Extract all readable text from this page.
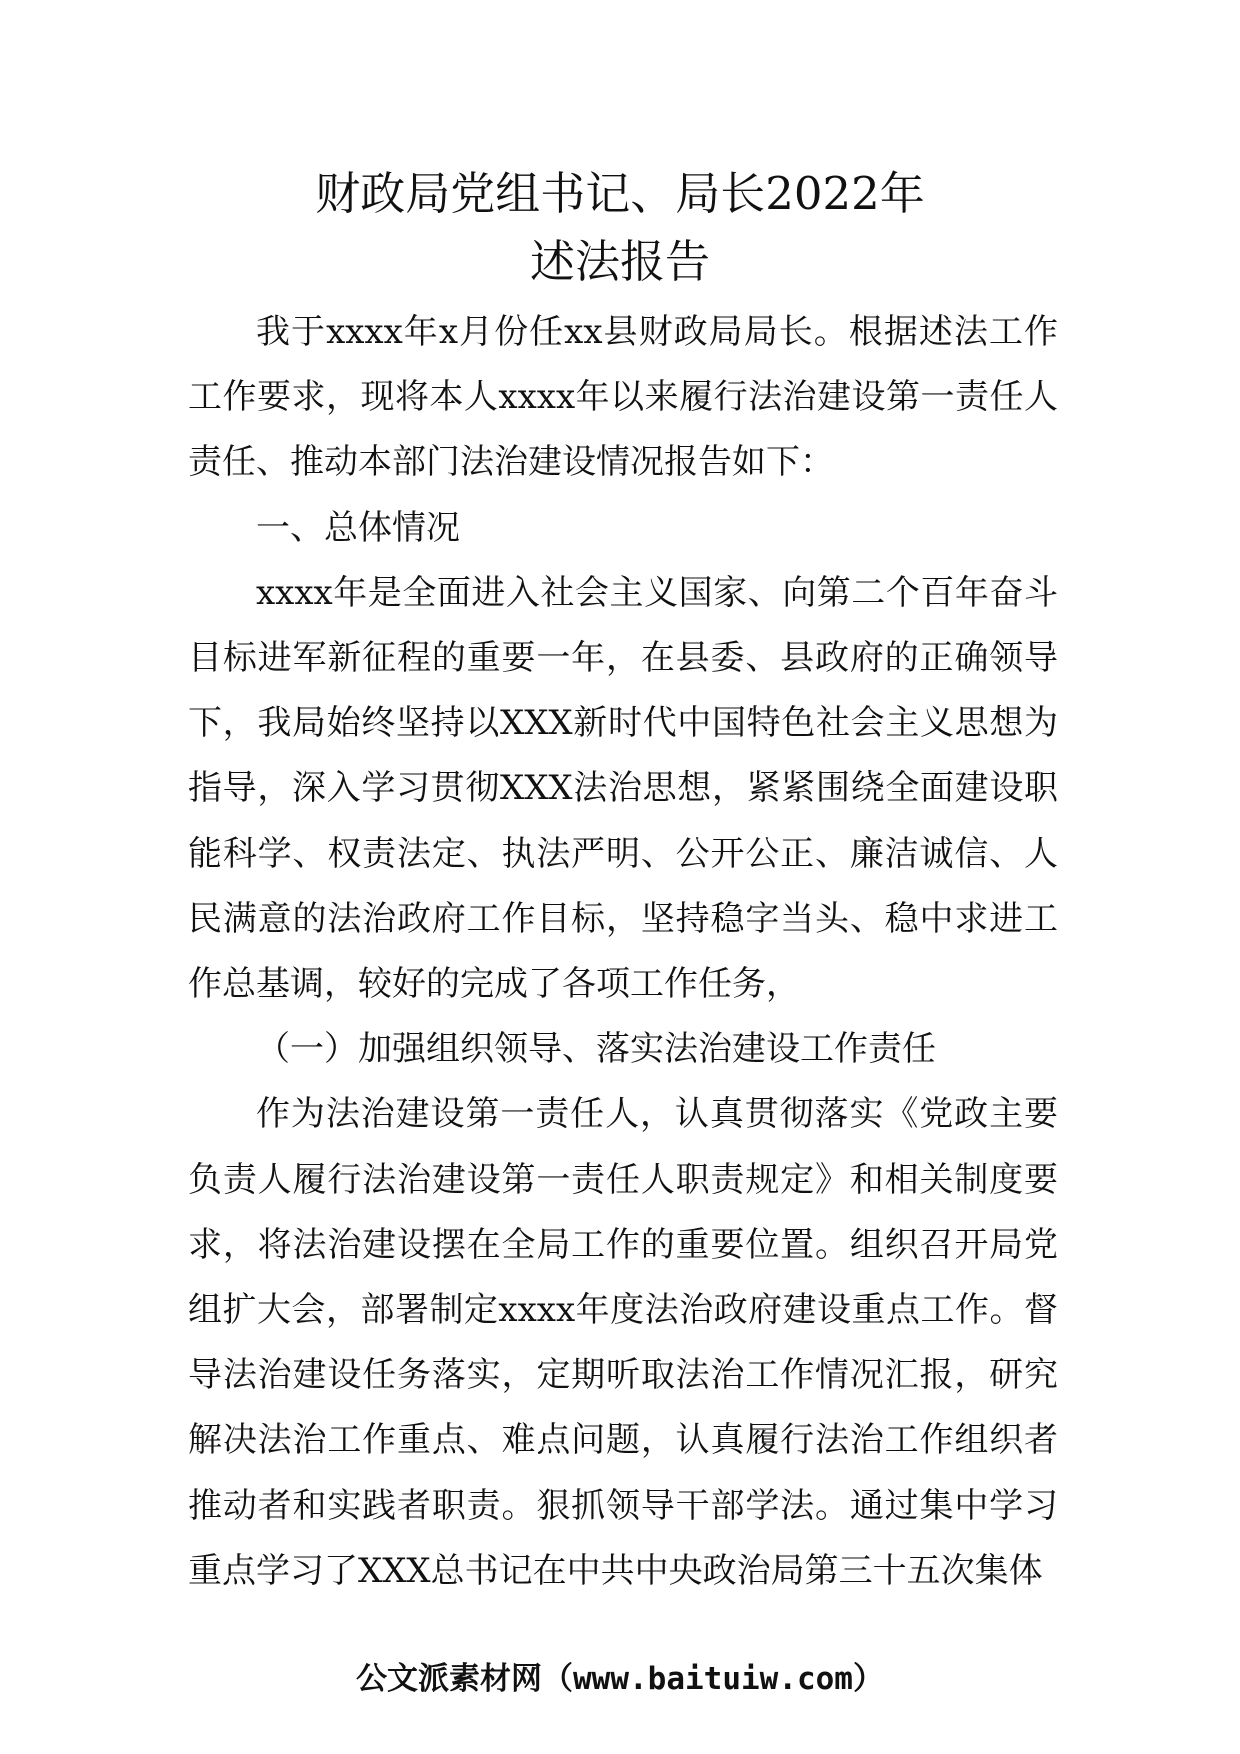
财政局党组书记、局长2022年
述法报告

我于xxxx年x月份任xx县财政局局长。根据述法工作工作要求，现将本人xxxx年以来履行法治建设第一责任人责任、推动本部门法治建设情况报告如下：

一、总体情况

xxxx年是全面进入社会主义国家、向第二个百年奋斗目标进军新征程的重要一年，在县委、县政府的正确领导下，我局始终坚持以XXX新时代中国特色社会主义思想为指导，深入学习贯彻XXX法治思想，紧紧围绕全面建设职能科学、权责法定、执法严明、公开公正、廉洁诚信、人民满意的法治政府工作目标，坚持稳字当头、稳中求进工作总基调，较好的完成了各项工作任务，

（一）加强组织领导、落实法治建设工作责任

作为法治建设第一责任人，认真贯彻落实《党政主要负责人履行法治建设第一责任人职责规定》和相关制度要求，将法治建设摆在全局工作的重要位置。组织召开局党组扩大会，部署制定xxxx年度法治政府建设重点工作。督导法治建设任务落实，定期听取法治工作情况汇报，研究解决法治工作重点、难点问题，认真履行法治工作组织者推动者和实践者职责。狠抓领导干部学法。通过集中学习重点学习了XXX总书记在中共中央政治局第三十五次集体

公文派素材网（www.baituiw.com）
